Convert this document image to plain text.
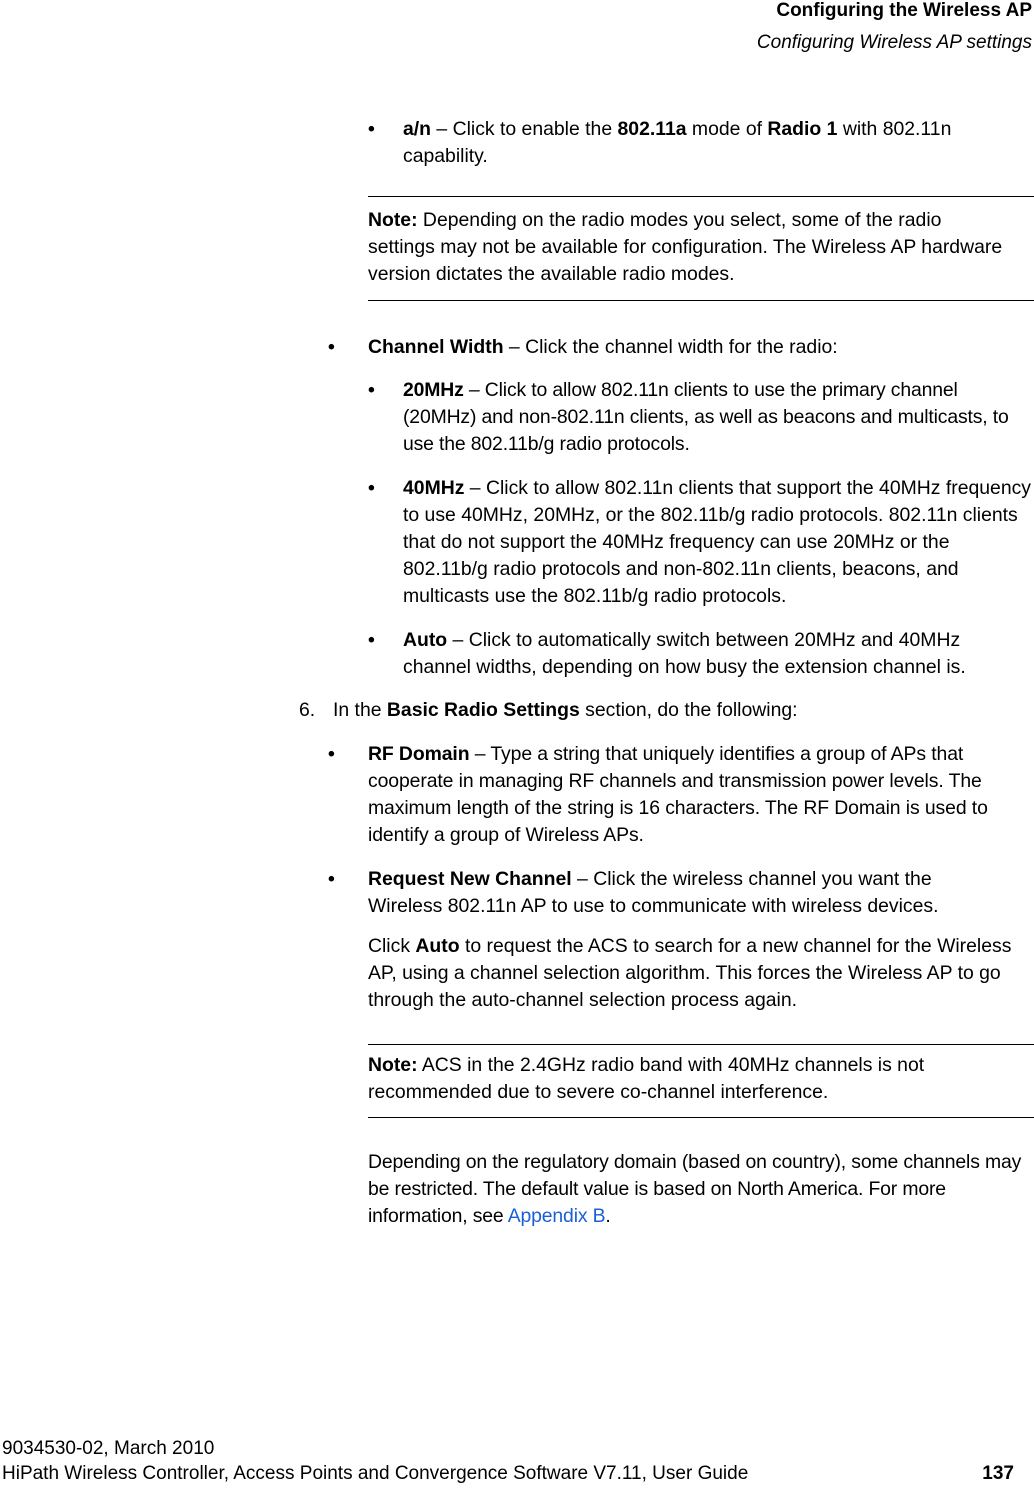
Configuring the Wireless AP
Configuring Wireless AP settings
• a/n – Click to enable the 802.11a mode of Radio 1 with 802.11n capability.

Note: Depending on the radio modes you select, some of the radio settings may not be available for configuration. The Wireless AP hardware version dictates the available radio modes.

• Channel Width – Click the channel width for the radio:

• 20MHz – Click to allow 802.11n clients to use the primary channel (20MHz) and non-802.11n clients, as well as beacons and multicasts, to use the 802.11b/g radio protocols.

• 40MHz – Click to allow 802.11n clients that support the 40MHz frequency to use 40MHz, 20MHz, or the 802.11b/g radio protocols. 802.11n clients that do not support the 40MHz frequency can use 20MHz or the 802.11b/g radio protocols and non-802.11n clients, beacons, and multicasts use the 802.11b/g radio protocols.

• Auto – Click to automatically switch between 20MHz and 40MHz channel widths, depending on how busy the extension channel is.

6. In the Basic Radio Settings section, do the following:

• RF Domain – Type a string that uniquely identifies a group of APs that cooperate in managing RF channels and transmission power levels. The maximum length of the string is 16 characters. The RF Domain is used to identify a group of Wireless APs.

• Request New Channel – Click the wireless channel you want the Wireless 802.11n AP to use to communicate with wireless devices.

Click Auto to request the ACS to search for a new channel for the Wireless AP, using a channel selection algorithm. This forces the Wireless AP to go through the auto-channel selection process again.

Note: ACS in the 2.4GHz radio band with 40MHz channels is not recommended due to severe co-channel interference.

Depending on the regulatory domain (based on country), some channels may be restricted. The default value is based on North America. For more information, see Appendix B.

9034530-02, March 2010
HiPath Wireless Controller, Access Points and Convergence Software V7.11, User Guide	137
